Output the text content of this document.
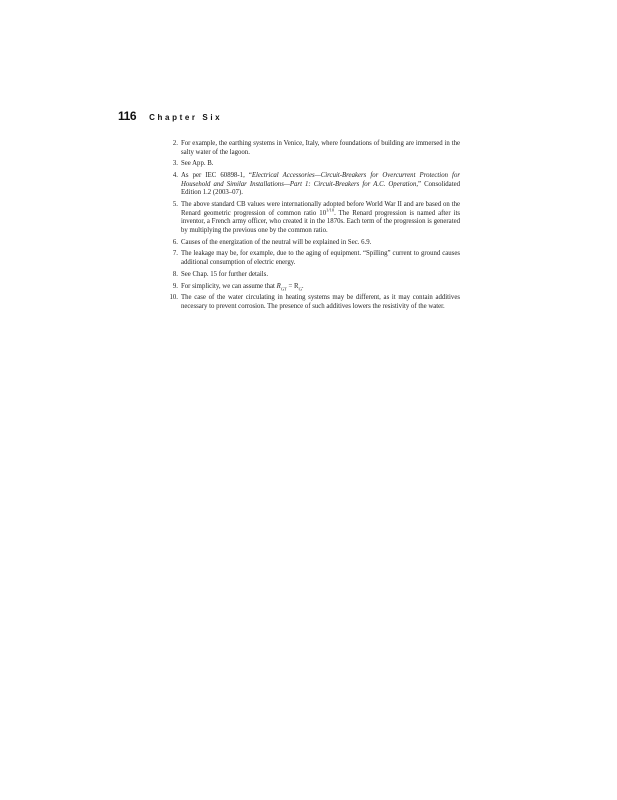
116 Chapter Six
2. For example, the earthing systems in Venice, Italy, where foundations of building are immersed in the salty water of the lagoon.
3. See App. B.
4. As per IEC 60898-1, “Electrical Accessories—Circuit-Breakers for Overcurrent Protection for Household and Similar Installations—Part 1: Circuit-Breakers for A.C. Operation,” Consolidated Edition 1.2 (2003–07).
5. The above standard CB values were internationally adopted before World War II and are based on the Renard geometric progression of common ratio $10^{1/10}$. The Renard progression is named after its inventor, a French army officer, who created it in the 1870s. Each term of the progression is generated by multiplying the previous one by the common ratio.
6. Causes of the energization of the neutral will be explained in Sec. 6.9.
7. The leakage may be, for example, due to the aging of equipment. “Spilling” current to ground causes additional consumption of electric energy.
8. See Chap. 15 for further details.
9. For simplicity, we can assume that $R_{GT} = R_G$.
10. The case of the water circulating in heating systems may be different, as it may contain additives necessary to prevent corrosion. The presence of such additives lowers the resistivity of the water.
